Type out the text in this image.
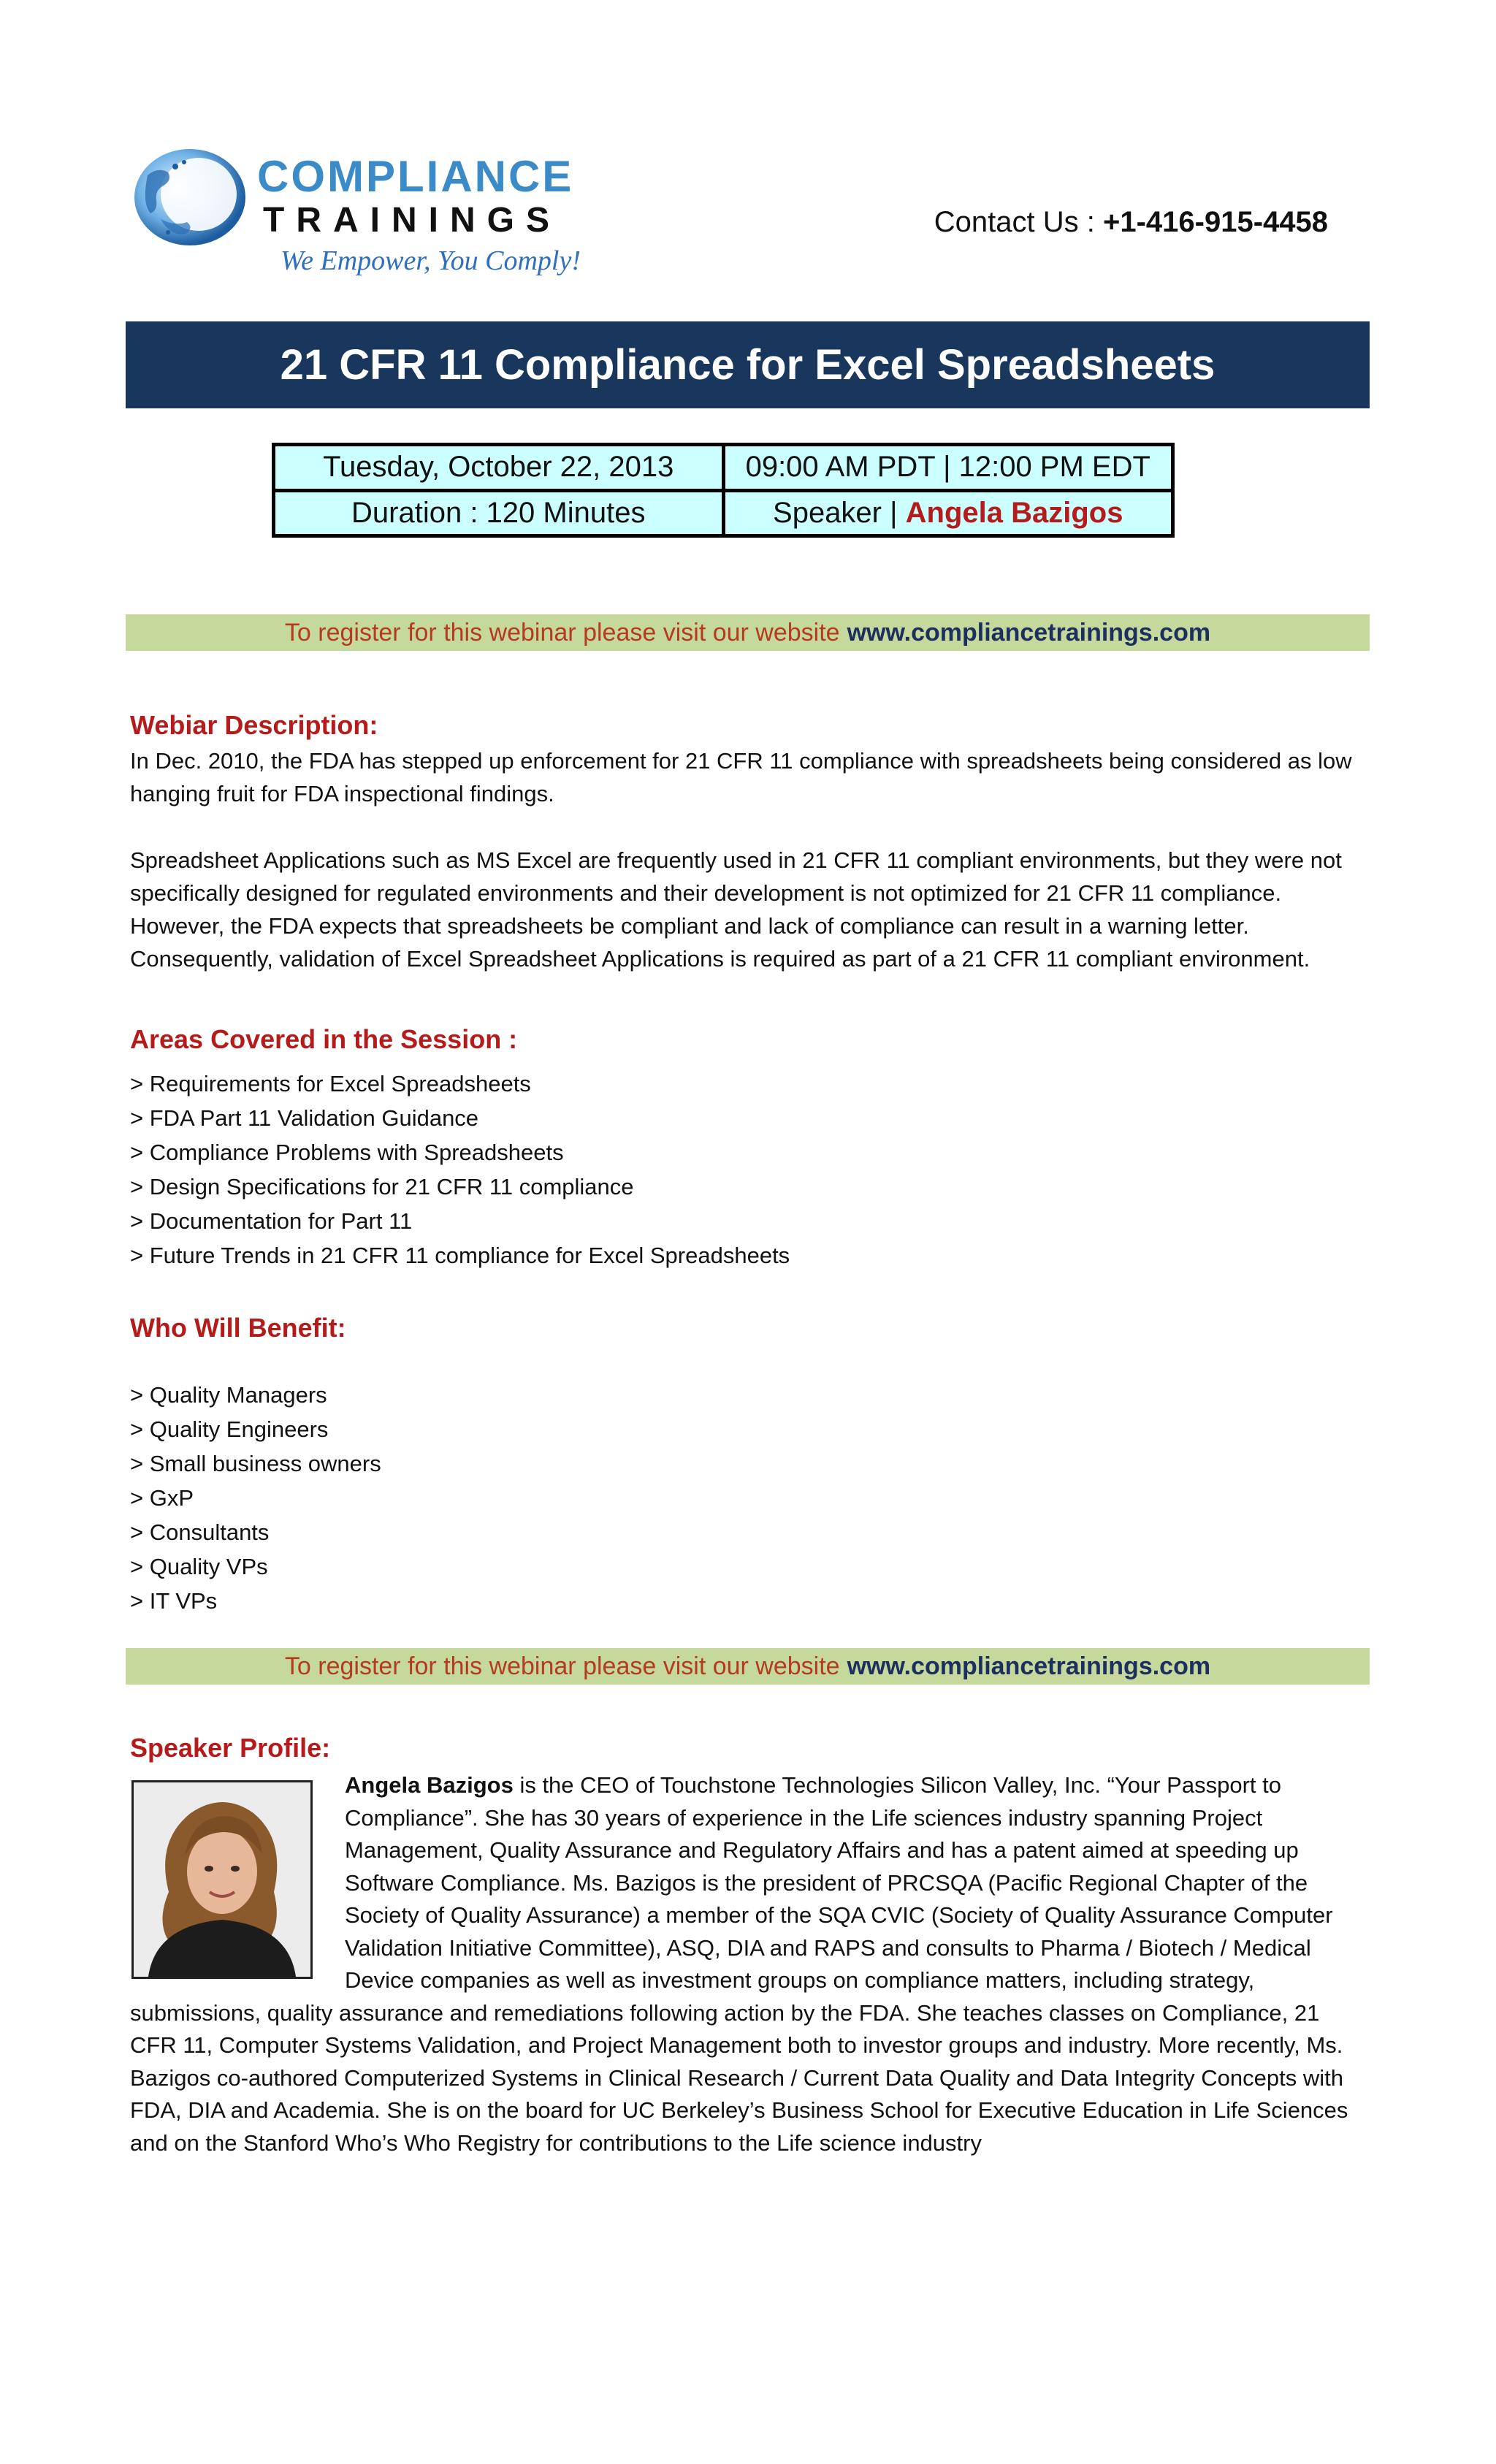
COMPLIANCE
TRAININGS
We Empower, You Comply!
Contact Us : +1-416-915-4458
21 CFR 11 Compliance for Excel Spreadsheets
Tuesday, October 22, 2013	09:00 AM PDT | 12:00 PM EDT
Duration : 120 Minutes	Speaker | Angela Bazigos
To register for this webinar please visit our website www.compliancetrainings.com
Webiar Description:
In Dec. 2010, the FDA has stepped up enforcement for 21 CFR 11 compliance with spreadsheets being considered as low hanging fruit for FDA inspectional findings.
Spreadsheet Applications such as MS Excel are frequently used in 21 CFR 11 compliant environments, but they were not specifically designed for regulated environments and their development is not optimized for 21 CFR 11 compliance. However, the FDA expects that spreadsheets be compliant and lack of compliance can result in a warning letter. Consequently, validation of Excel Spreadsheet Applications is required as part of a 21 CFR 11 compliant environment.
Areas Covered in the Session :
> Requirements for Excel Spreadsheets
> FDA Part 11 Validation Guidance
> Compliance Problems with Spreadsheets
> Design Specifications for 21 CFR 11 compliance
> Documentation for Part 11
> Future Trends in 21 CFR 11 compliance for Excel Spreadsheets
Who Will Benefit:
> Quality Managers
> Quality Engineers
> Small business owners
> GxP
> Consultants
> Quality VPs
> IT VPs
To register for this webinar please visit our website www.compliancetrainings.com
Speaker Profile:
Angela Bazigos is the CEO of Touchstone Technologies Silicon Valley, Inc. “Your Passport to Compliance”. She has 30 years of experience in the Life sciences industry spanning Project Management, Quality Assurance and Regulatory Affairs and has a patent aimed at speeding up Software Compliance. Ms. Bazigos is the president of PRCSQA (Pacific Regional Chapter of the Society of Quality Assurance) a member of the SQA CVIC (Society of Quality Assurance Computer Validation Initiative Committee), ASQ, DIA and RAPS and consults to Pharma / Biotech / Medical Device companies as well as investment groups on compliance matters, including strategy, submissions, quality assurance and remediations following action by the FDA. She teaches classes on Compliance, 21 CFR 11, Computer Systems Validation, and Project Management both to investor groups and industry. More recently, Ms. Bazigos co-authored Computerized Systems in Clinical Research / Current Data Quality and Data Integrity Concepts with FDA, DIA and Academia. She is on the board for UC Berkeley’s Business School for Executive Education in Life Sciences and on the Stanford Who’s Who Registry for contributions to the Life science industry
